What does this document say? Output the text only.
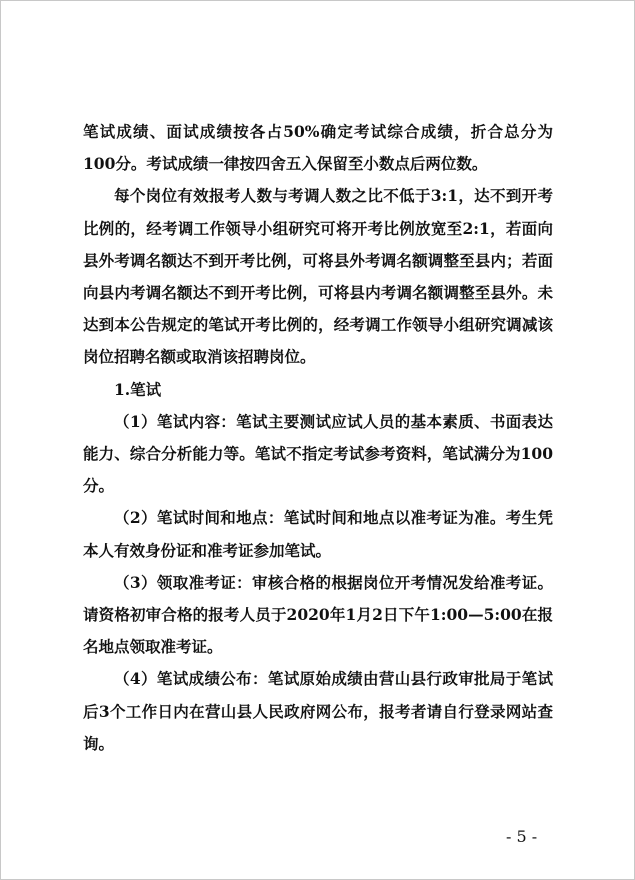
笔试成绩、面试成绩按各占50%确定考试综合成绩，折合总分为100分。考试成绩一律按四舍五入保留至小数点后两位数。

每个岗位有效报考人数与考调人数之比不低于3:1，达不到开考比例的，经考调工作领导小组研究可将开考比例放宽至2:1，若面向县外考调名额达不到开考比例，可将县外考调名额调整至县内；若面向县内考调名额达不到开考比例，可将县内考调名额调整至县外。未达到本公告规定的笔试开考比例的，经考调工作领导小组研究调减该岗位招聘名额或取消该招聘岗位。

1.笔试

（1）笔试内容：笔试主要测试应试人员的基本素质、书面表达能力、综合分析能力等。笔试不指定考试参考资料，笔试满分为100分。

（2）笔试时间和地点：笔试时间和地点以准考证为准。考生凭本人有效身份证和准考证参加笔试。

（3）领取准考证：审核合格的根据岗位开考情况发给准考证。请资格初审合格的报考人员于2020年1月2日下午1:00—5:00在报名地点领取准考证。

（4）笔试成绩公布：笔试原始成绩由营山县行政审批局于笔试后3个工作日内在营山县人民政府网公布，报考者请自行登录网站查询。

- 5 -
